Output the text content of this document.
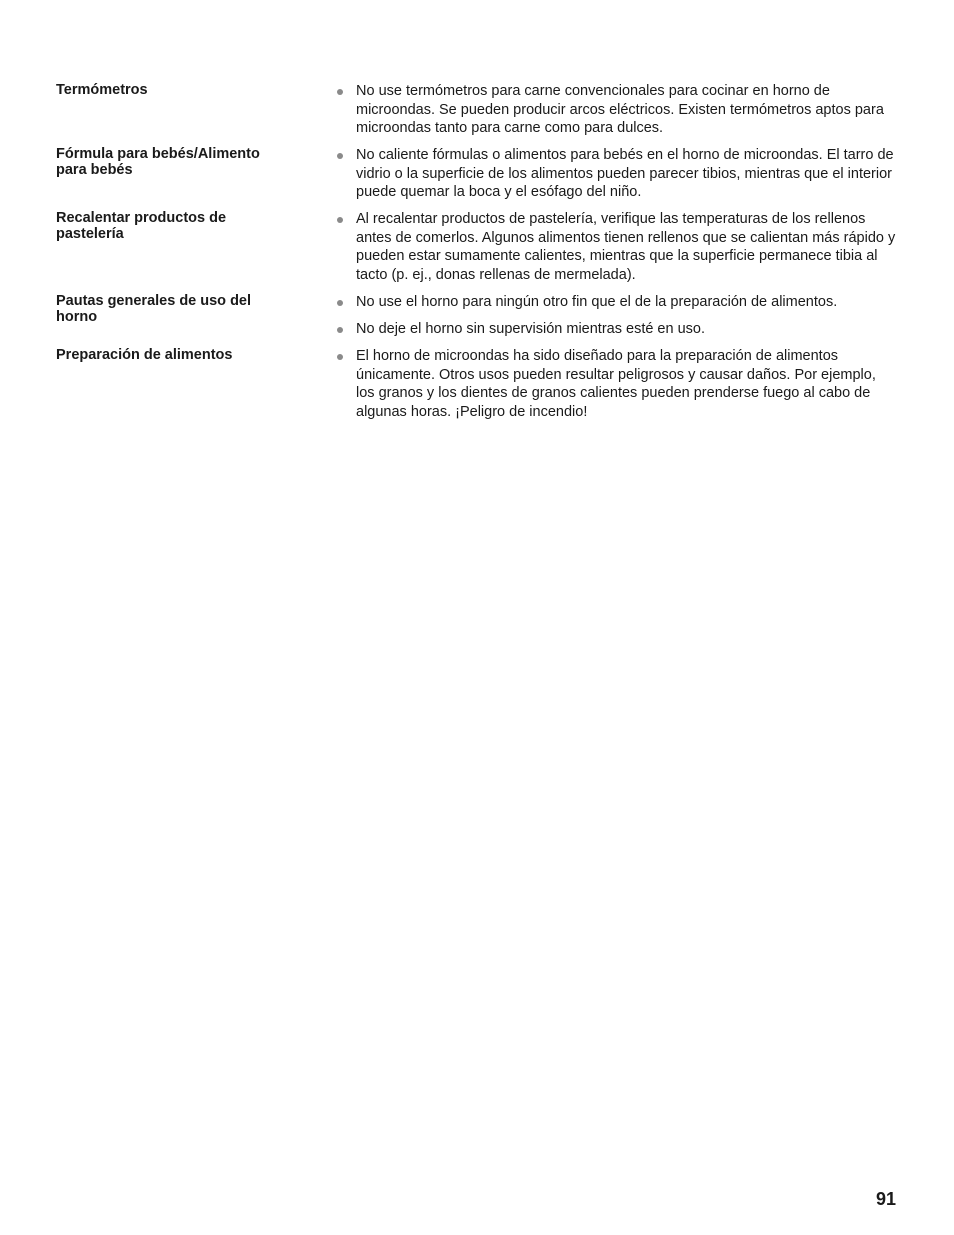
Termómetros	No use termómetros para carne convencionales para cocinar en horno de microondas. Se pueden producir arcos eléctricos. Existen termómetros aptos para microondas tanto para carne como para dulces.
Fórmula para bebés/Alimento para bebés
No caliente fórmulas o alimentos para bebés en el horno de microondas. El tarro de vidrio o la superficie de los alimentos pueden parecer tibios, mientras que el interior puede quemar la boca y el esófago del niño.
Recalentar productos de pastelería
Al recalentar productos de pastelería, verifique las temperaturas de los rellenos antes de comerlos. Algunos alimentos tienen rellenos que se calientan más rápido y pueden estar sumamente calientes, mientras que la superficie permanece tibia al tacto (p. ej., donas rellenas de mermelada).
Pautas generales de uso del horno
No use el horno para ningún otro fin que el de la preparación de alimentos.
No deje el horno sin supervisión mientras esté en uso.
Preparación de alimentos	El horno de microondas ha sido diseñado para la preparación de alimentos únicamente. Otros usos pueden resultar peligrosos y causar daños. Por ejemplo, los granos y los dientes de granos calientes pueden prenderse fuego al cabo de algunas horas. ¡Peligro de incendio!
91
